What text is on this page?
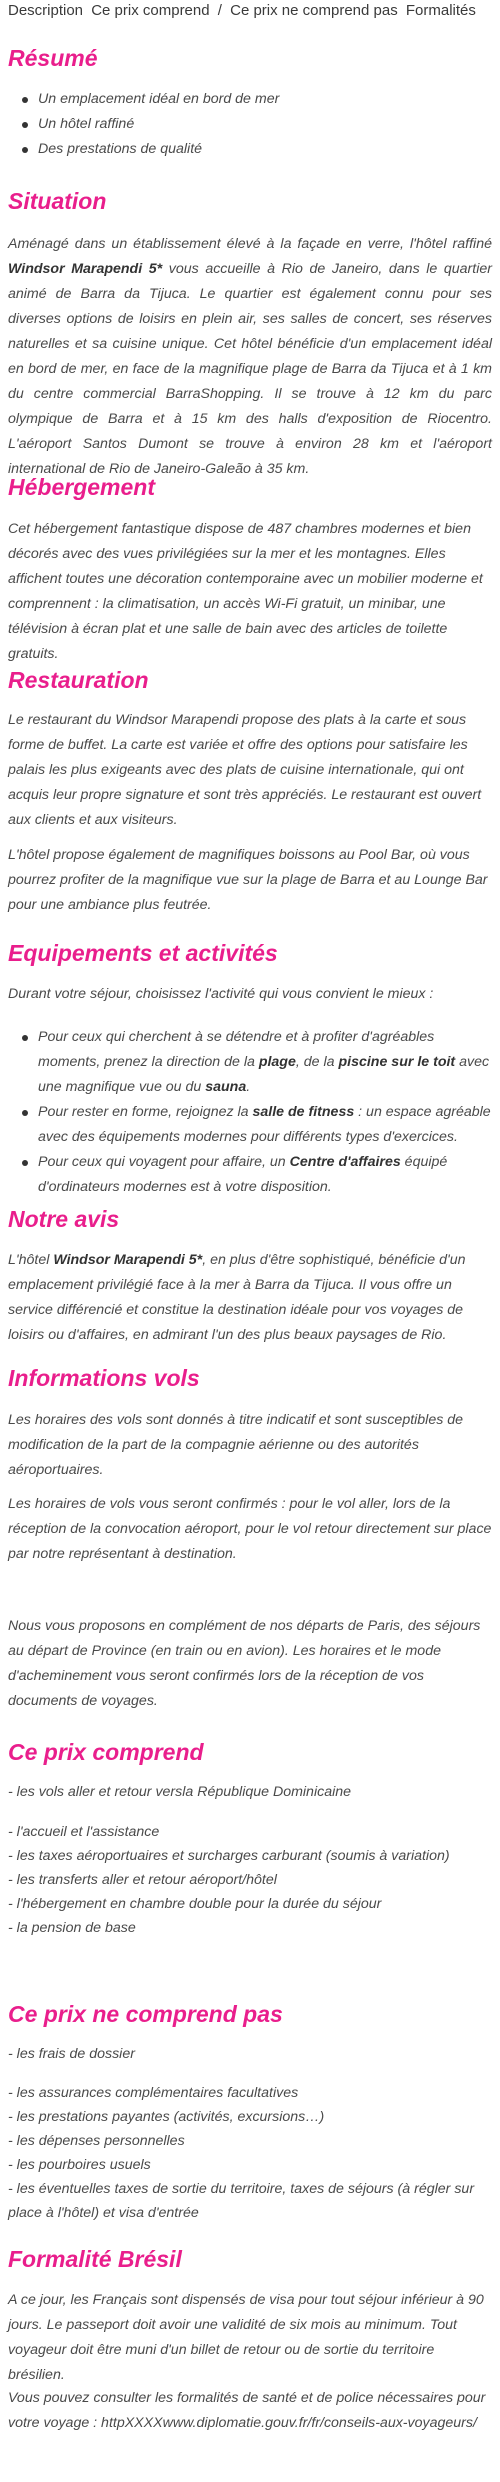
Description Ce prix comprend / Ce prix ne comprend pas Formalités
Résumé
Un emplacement idéal en bord de mer
Un hôtel raffiné
Des prestations de qualité
Situation

Aménagé dans un établissement élevé à la façade en verre, l'hôtel raffiné Windsor Marapendi 5* vous accueille à Rio de Janeiro, dans le quartier animé de Barra da Tijuca. Le quartier est également connu pour ses diverses options de loisirs en plein air, ses salles de concert, ses réserves naturelles et sa cuisine unique. Cet hôtel bénéficie d'un emplacement idéal en bord de mer, en face de la magnifique plage de Barra da Tijuca et à 1 km du centre commercial BarraShopping. Il se trouve à 12 km du parc olympique de Barra et à 15 km des halls d'exposition de Riocentro. L'aéroport Santos Dumont se trouve à environ 28 km et l'aéroport international de Rio de Janeiro-Galeão à 35 km.

Hébergement

Cet hébergement fantastique dispose de 487 chambres modernes et bien décorés avec des vues privilégiées sur la mer et les montagnes. Elles affichent toutes une décoration contemporaine avec un mobilier moderne et comprennent : la climatisation, un accès Wi-Fi gratuit, un minibar, une télévision à écran plat et une salle de bain avec des articles de toilette gratuits.

Restauration

Le restaurant du Windsor Marapendi propose des plats à la carte et sous forme de buffet. La carte est variée et offre des options pour satisfaire les palais les plus exigeants avec des plats de cuisine internationale, qui ont acquis leur propre signature et sont très appréciés. Le restaurant est ouvert aux clients et aux visiteurs.

L'hôtel propose également de magnifiques boissons au Pool Bar, où vous pourrez profiter de la magnifique vue sur la plage de Barra et au Lounge Bar pour une ambiance plus feutrée.

Equipements et activités

Durant votre séjour, choisissez l'activité qui vous convient le mieux :

Pour ceux qui cherchent à se détendre et à profiter d'agréables moments, prenez la direction de la plage, de la piscine sur le toit avec une magnifique vue ou du sauna.
Pour rester en forme, rejoignez la salle de fitness : un espace agréable avec des équipements modernes pour différents types d'exercices.
Pour ceux qui voyagent pour affaire, un Centre d'affaires équipé d'ordinateurs modernes est à votre disposition.
Notre avis

L'hôtel Windsor Marapendi 5*, en plus d'être sophistiqué, bénéficie d'un emplacement privilégié face à la mer à Barra da Tijuca. Il vous offre un service différencié et constitue la destination idéale pour vos voyages de loisirs ou d'affaires, en admirant l'un des plus beaux paysages de Rio.

Informations vols

Les horaires des vols sont donnés à titre indicatif et sont susceptibles de modification de la part de la compagnie aérienne ou des autorités aéroportuaires.

Les horaires de vols vous seront confirmés : pour le vol aller, lors de la réception de la convocation aéroport, pour le vol retour directement sur place par notre représentant à destination.

Nous vous proposons en complément de nos départs de Paris, des séjours au départ de Province (en train ou en avion). Les horaires et le mode d'acheminement vous seront confirmés lors de la réception de vos documents de voyages.

Ce prix comprend

- les vols aller et retour versla République Dominicaine

- l'accueil et l'assistance

- les taxes aéroportuaires et surcharges carburant (soumis à variation)

- les transferts aller et retour aéroport/hôtel

- l'hébergement en chambre double pour la durée du séjour

- la pension de base

Ce prix ne comprend pas

- les frais de dossier

- les assurances complémentaires facultatives

- les prestations payantes (activités, excursions…)

- les dépenses personnelles

- les pourboires usuels

- les éventuelles taxes de sortie du territoire, taxes de séjours (à régler sur place à l'hôtel) et visa d'entrée

Formalité Brésil

A ce jour, les Français sont dispensés de visa pour tout séjour inférieur à 90 jours. Le passeport doit avoir une validité de six mois au minimum. Tout voyageur doit être muni d'un billet de retour ou de sortie du territoire brésilien.

Vous pouvez consulter les formalités de santé et de police nécessaires pour votre voyage : httpXXXXwww.diplomatie.gouv.fr/fr/conseils-aux-voyageurs/
